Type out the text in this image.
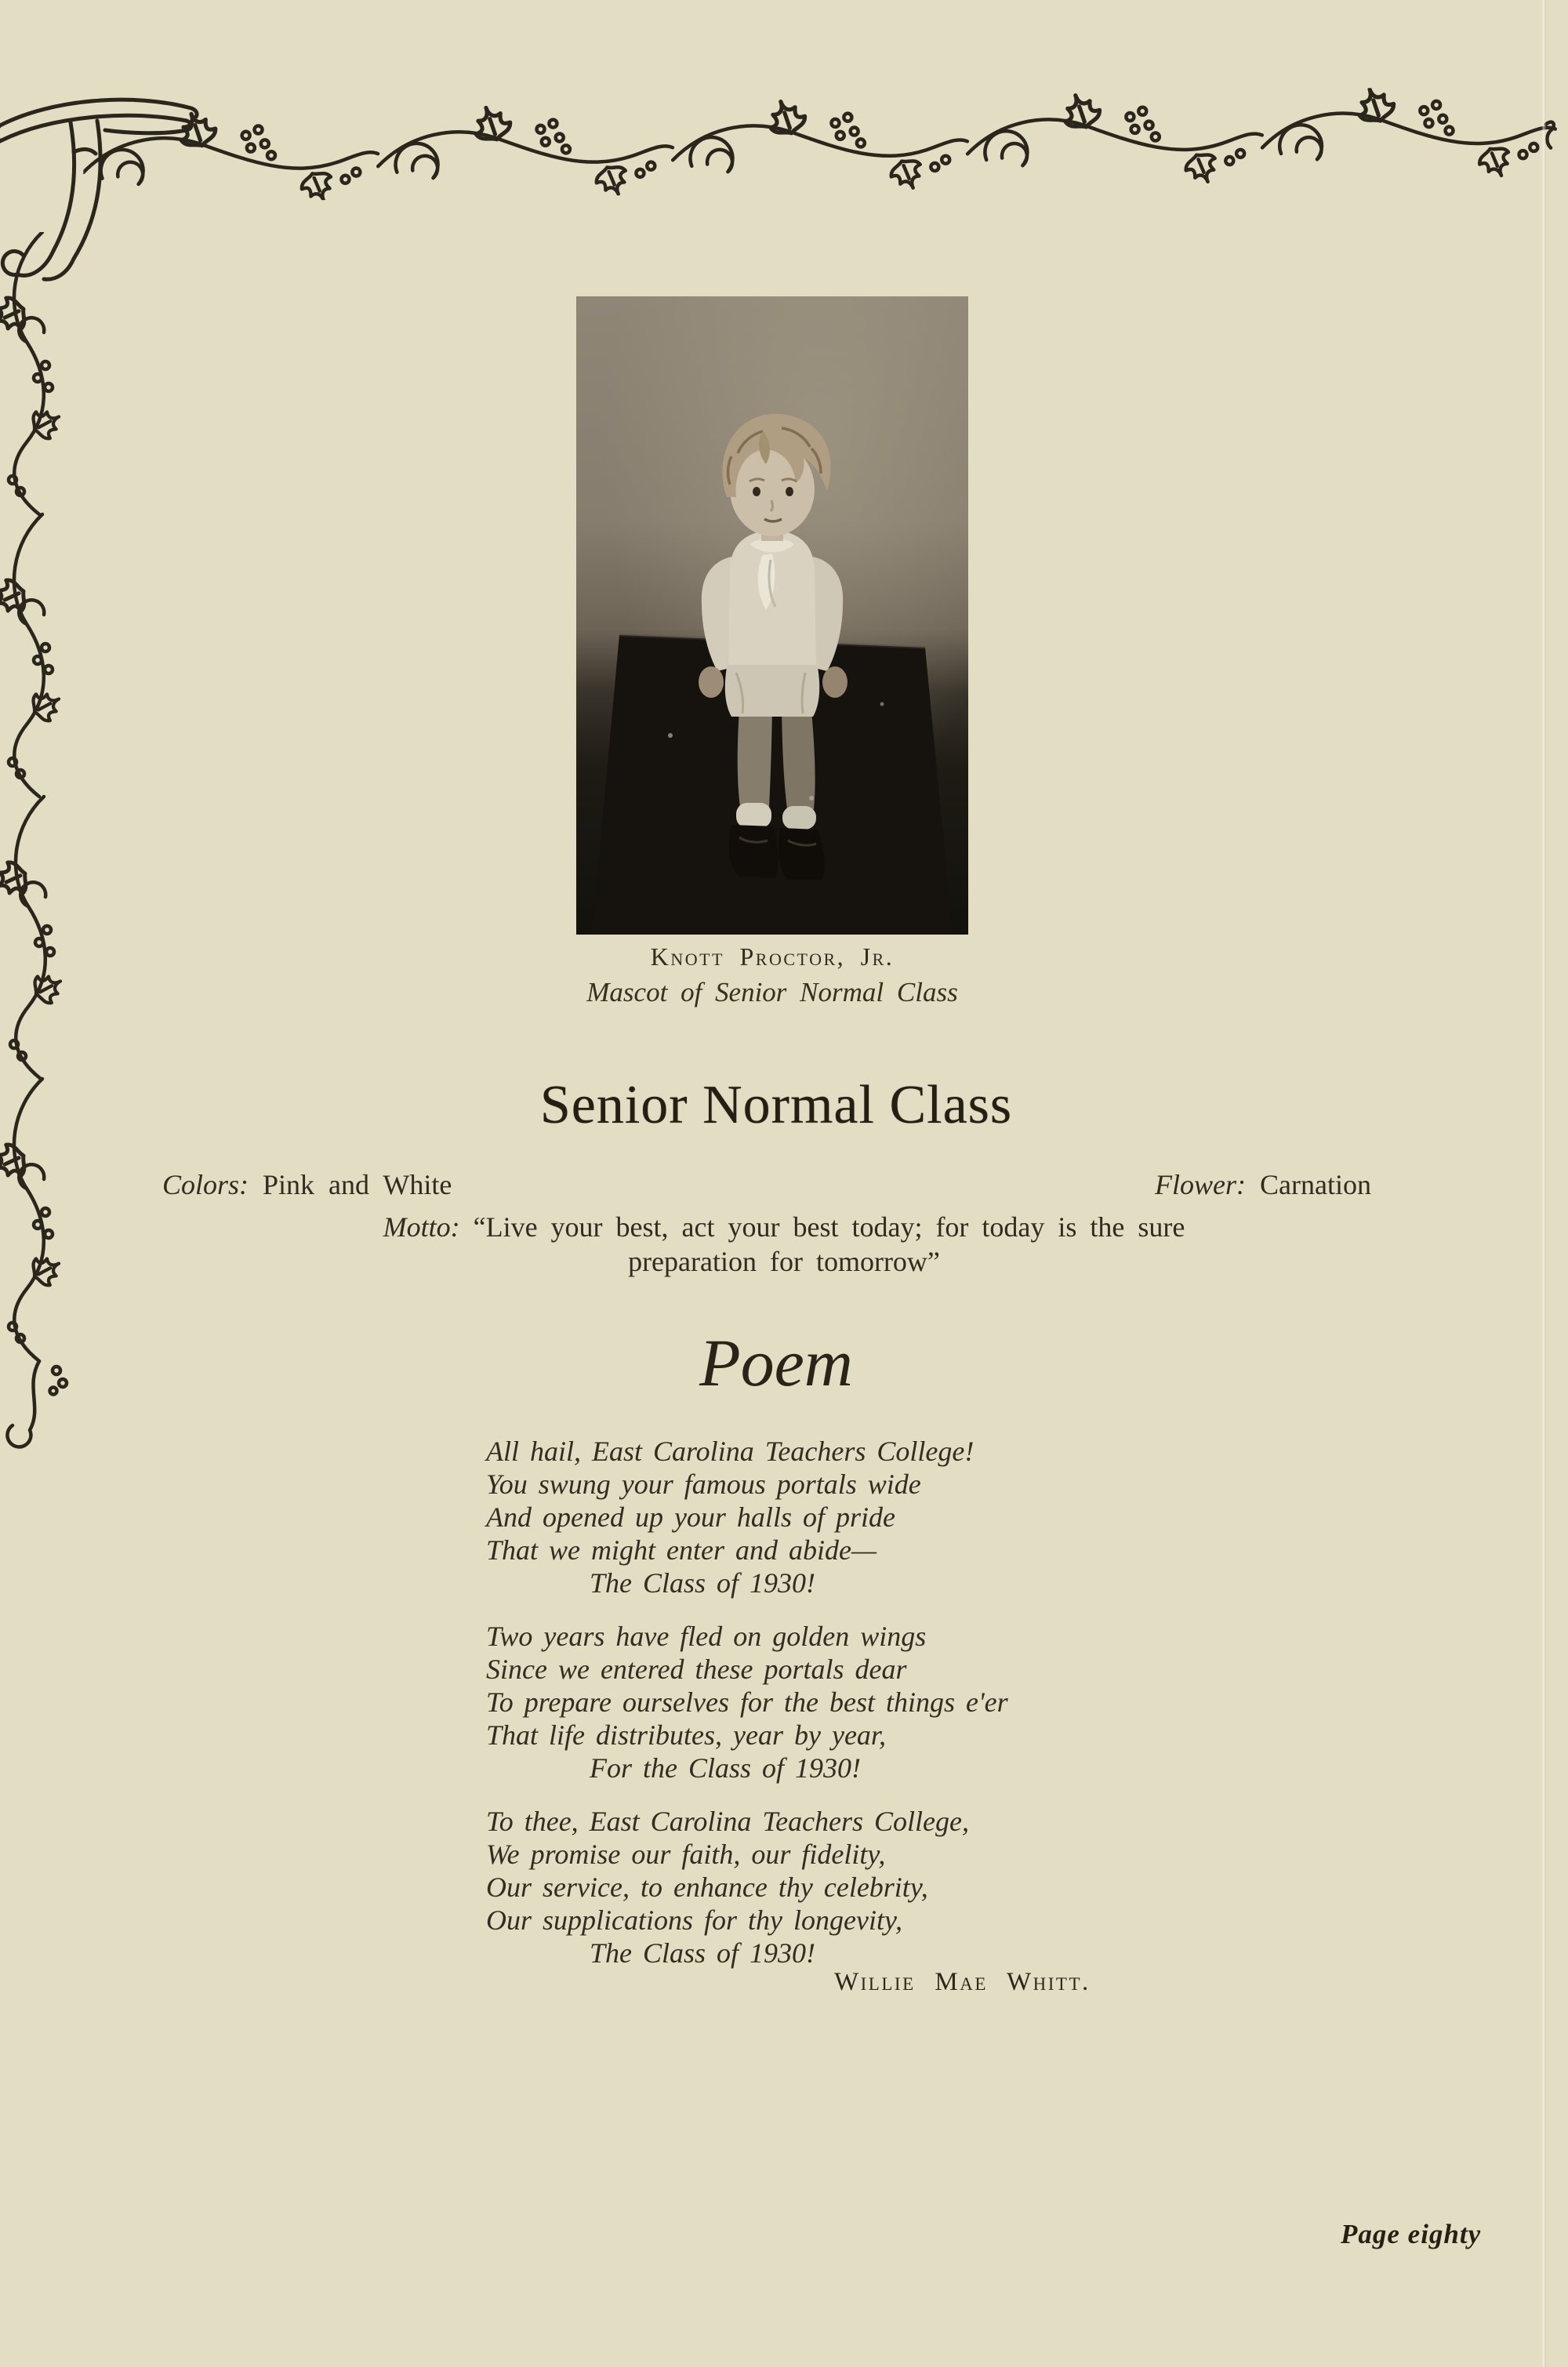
Knott Proctor, Jr.
Mascot of Senior Normal Class
Senior Normal Class
Colors: Pink and White	Flower: Carnation
Motto: “Live your best, act your best today; for today is the sure
preparation for tomorrow”
Poem
All hail, East Carolina Teachers College!
You swung your famous portals wide
And opened up your halls of pride
That we might enter and abide—
The Class of 1930!
Two years have fled on golden wings
Since we entered these portals dear
To prepare ourselves for the best things e'er
That life distributes, year by year,
For the Class of 1930!
To thee, East Carolina Teachers College,
We promise our faith, our fidelity,
Our service, to enhance thy celebrity,
Our supplications for thy longevity,
The Class of 1930!
Willie Mae Whitt.
Page eighty
